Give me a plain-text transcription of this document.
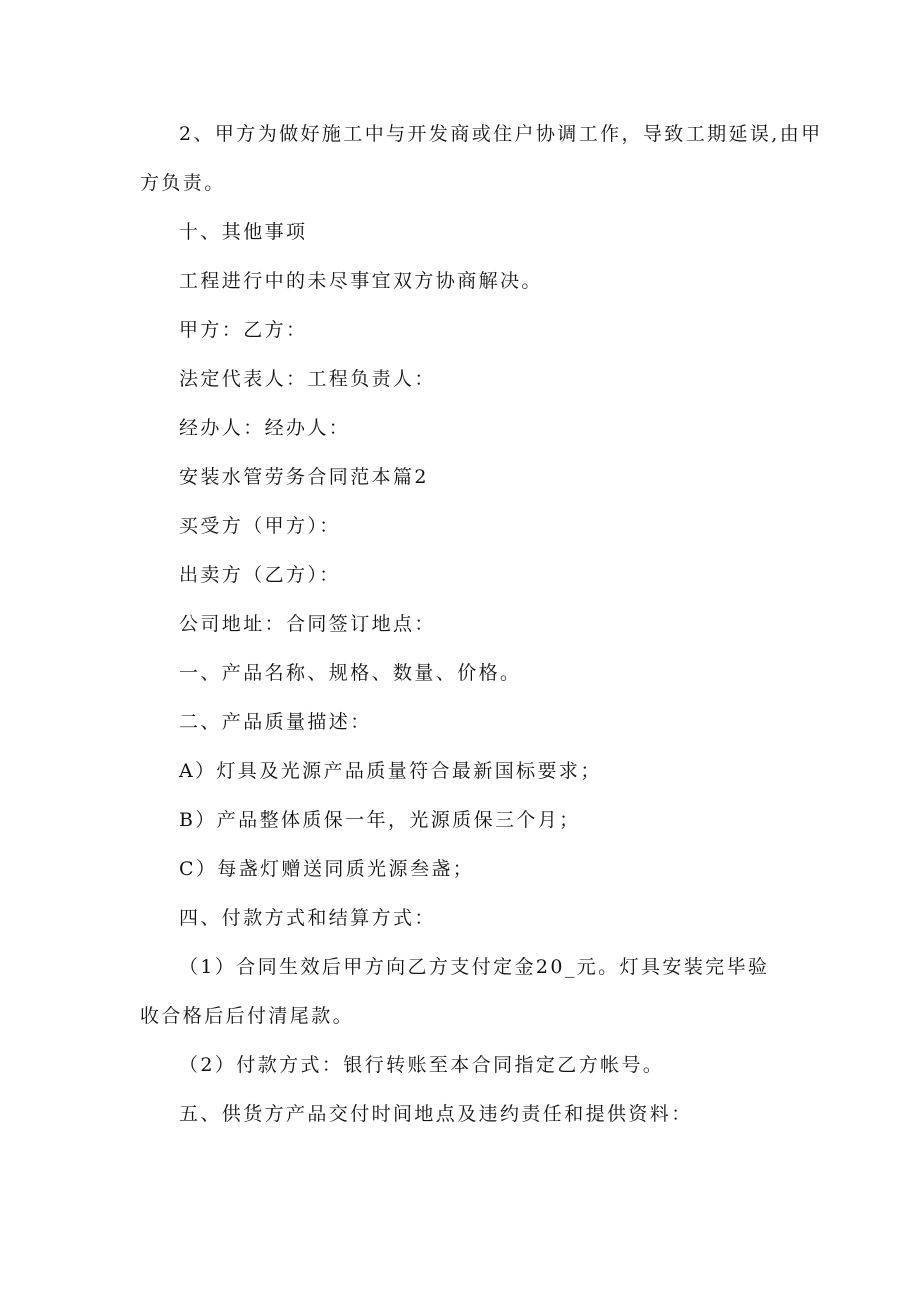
2、甲方为做好施工中与开发商或住户协调工作，导致工期延误,由甲

方负责。

十、其他事项

工程进行中的未尽事宜双方协商解决。

甲方：乙方：

法定代表人：工程负责人：

经办人：经办人：

安装水管劳务合同范本篇2

买受方（甲方）：

出卖方（乙方）：

公司地址：合同签订地点：

一、产品名称、规格、数量、价格。

二、产品质量描述：

A）灯具及光源产品质量符合最新国标要求；

B）产品整体质保一年，光源质保三个月；

C）每盏灯赠送同质光源叁盏；

四、付款方式和结算方式：

（1）合同生效后甲方向乙方支付定金20_元。灯具安装完毕验

收合格后后付清尾款。

（2）付款方式：银行转账至本合同指定乙方帐号。

五、供货方产品交付时间地点及违约责任和提供资料：
